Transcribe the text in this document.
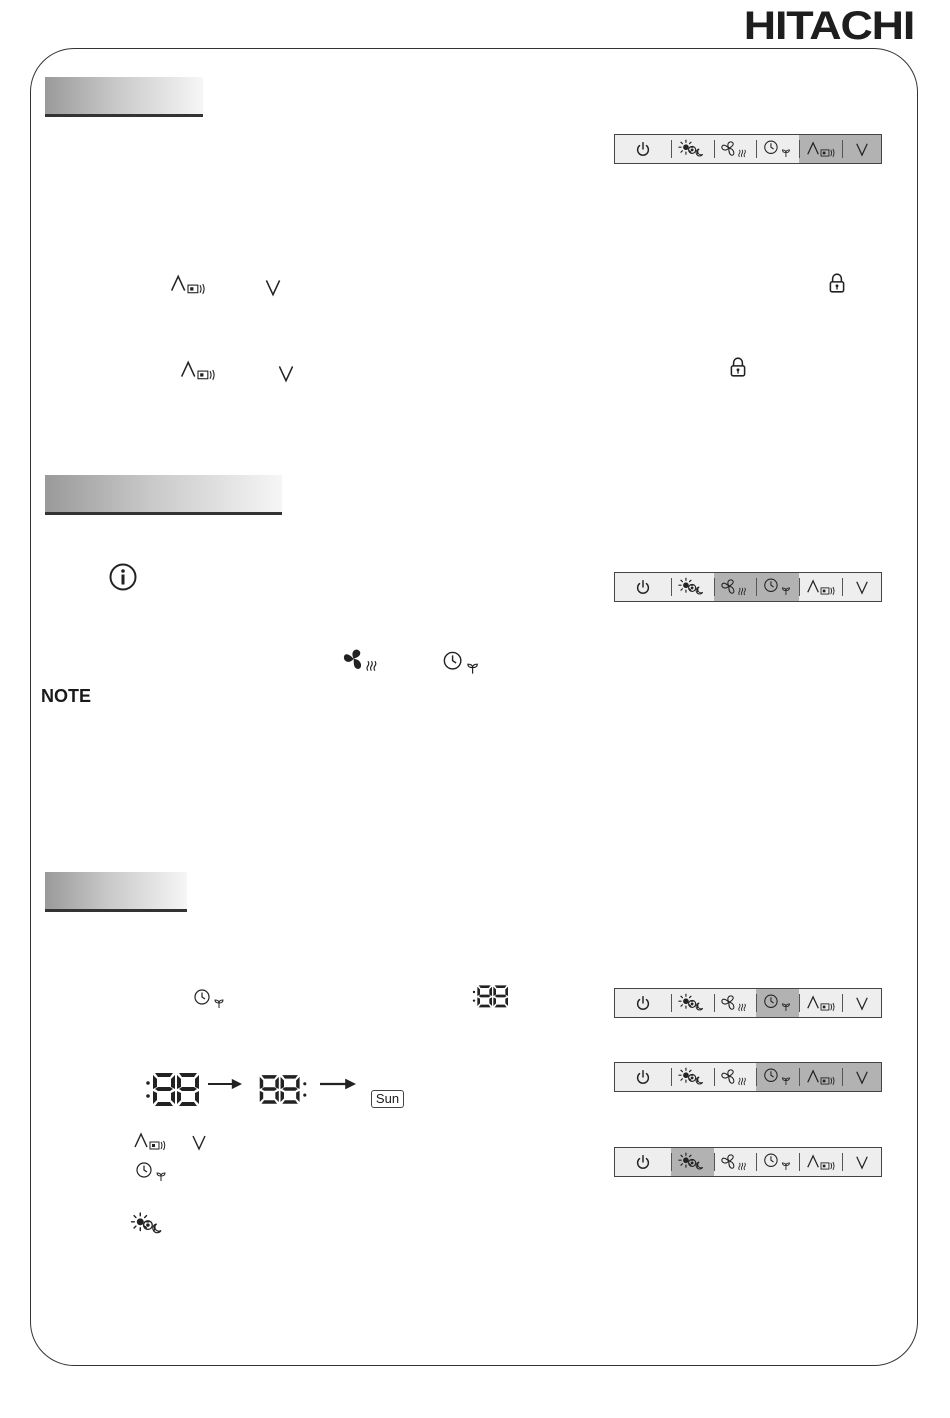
HITACHI
NOTE
Sun
